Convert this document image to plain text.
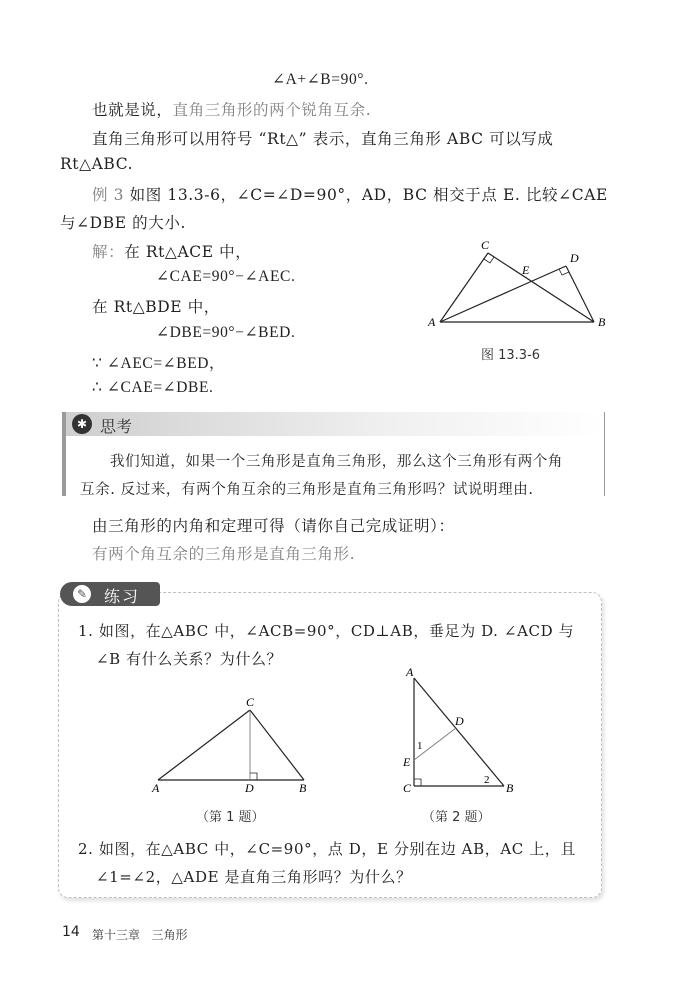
∠A+∠B=90°.
也就是说，直角三角形的两个锐角互余.
直角三角形可以用符号 “Rt△” 表示，直角三角形 ABC 可以写成
Rt△ABC.
例 3 如图 13.3-6，∠C=∠D=90°，AD，BC 相交于点 E. 比较∠CAE
与∠DBE 的大小.
解：在 Rt△ACE 中，
∠CAE=90°−∠AEC.
在 Rt△BDE 中，
∠DBE=90°−∠BED.
∵ ∠AEC=∠BED，
∴ ∠CAE=∠DBE.
C
D
E
A	B
图 13.3-6
✱ 思考
我们知道，如果一个三角形是直角三角形，那么这个三角形有两个角
互余. 反过来，有两个角互余的三角形是直角三角形吗？试说明理由.
由三角形的内角和定理可得（请你自己完成证明）：
有两个角互余的三角形是直角三角形.
✎	练习
1. 如图，在△ABC 中，∠ACB=90°，CD⊥AB，垂足为 D. ∠ACD 与
∠B 有什么关系？为什么？
C
A	D	B
（第 1 题）
A
D
1
E
2
C	B
（第 2 题）
2. 如图，在△ABC 中，∠C=90°，点 D，E 分别在边 AB，AC 上，且
∠1=∠2，△ADE 是直角三角形吗？为什么？
14 第十三章   三角形
